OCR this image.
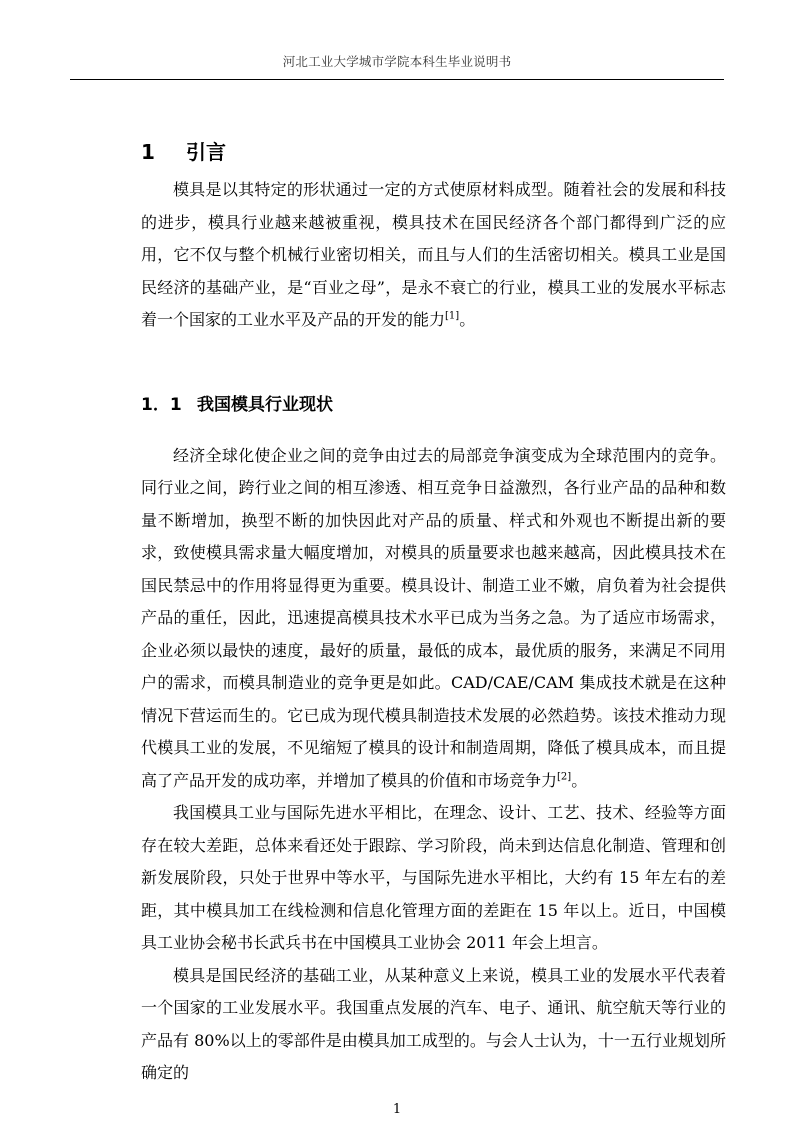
河北工业大学城市学院本科生毕业说明书
1	引言

模具是以其特定的形状通过一定的方式使原材料成型。随着社会的发展和科技的进步，模具行业越来越被重视，模具技术在国民经济各个部门都得到广泛的应用，它不仅与整个机械行业密切相关，而且与人们的生活密切相关。模具工业是国民经济的基础产业，是“百业之母”，是永不衰亡的行业，模具工业的发展水平标志着一个国家的工业水平及产品的开发的能力[1]。

1．1 我国模具行业现状

经济全球化使企业之间的竞争由过去的局部竞争演变成为全球范围内的竞争。同行业之间，跨行业之间的相互渗透、相互竞争日益激烈，各行业产品的品种和数量不断增加，换型不断的加快因此对产品的质量、样式和外观也不断提出新的要求，致使模具需求量大幅度增加，对模具的质量要求也越来越高，因此模具技术在国民禁忌中的作用将显得更为重要。模具设计、制造工业不嫩，肩负着为社会提供产品的重任，因此，迅速提高模具技术水平已成为当务之急。为了适应市场需求，企业必须以最快的速度，最好的质量，最低的成本，最优质的服务，来满足不同用户的需求，而模具制造业的竞争更是如此。CAD/CAE/CAM 集成技术就是在这种情况下营运而生的。它已成为现代模具制造技术发展的必然趋势。该技术推动力现代模具工业的发展，不见缩短了模具的设计和制造周期，降低了模具成本，而且提高了产品开发的成功率，并增加了模具的价值和市场竞争力[2]。

我国模具工业与国际先进水平相比，在理念、设计、工艺、技术、经验等方面存在较大差距，总体来看还处于跟踪、学习阶段，尚未到达信息化制造、管理和创新发展阶段，只处于世界中等水平，与国际先进水平相比，大约有 15 年左右的差距，其中模具加工在线检测和信息化管理方面的差距在 15 年以上。近日，中国模具工业协会秘书长武兵书在中国模具工业协会 2011 年会上坦言。

模具是国民经济的基础工业，从某种意义上来说，模具工业的发展水平代表着一个国家的工业发展水平。我国重点发展的汽车、电子、通讯、航空航天等行业的产品有 80%以上的零部件是由模具加工成型的。与会人士认为，十一五行业规划所确定的

1
